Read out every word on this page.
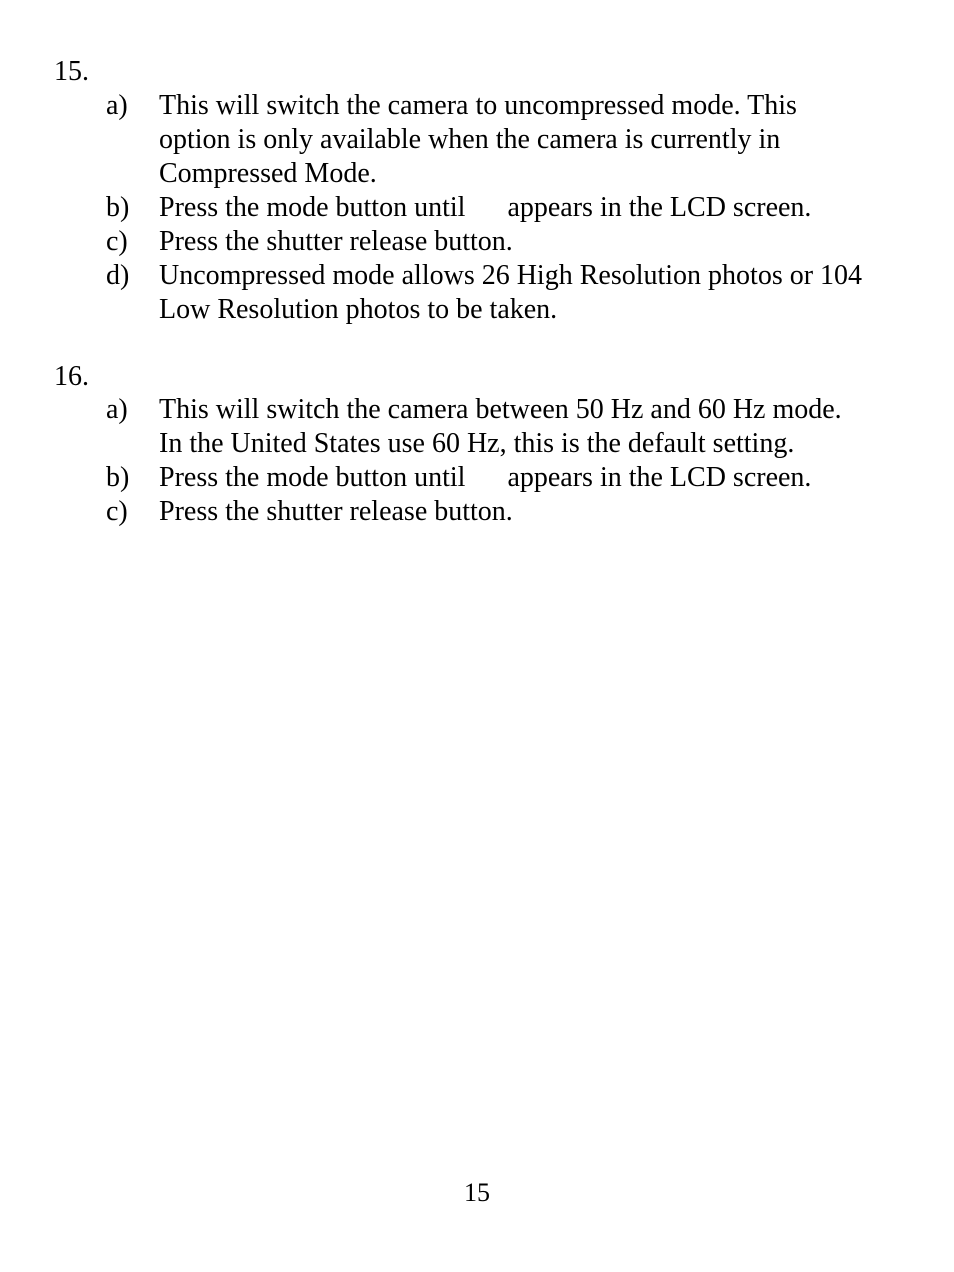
15.
a) This will switch the camera to uncompressed mode. This
option is only available when the camera is currently in
Compressed Mode.
b) Press the mode button until appears in the LCD screen.
c) Press the shutter release button.
d) Uncompressed mode allows 26 High Resolution photos or 104
Low Resolution photos to be taken.
16.
a) This will switch the camera between 50 Hz and 60 Hz mode.
In the United States use 60 Hz, this is the default setting.
b) Press the mode button until appears in the LCD screen.
c) Press the shutter release button.
15
